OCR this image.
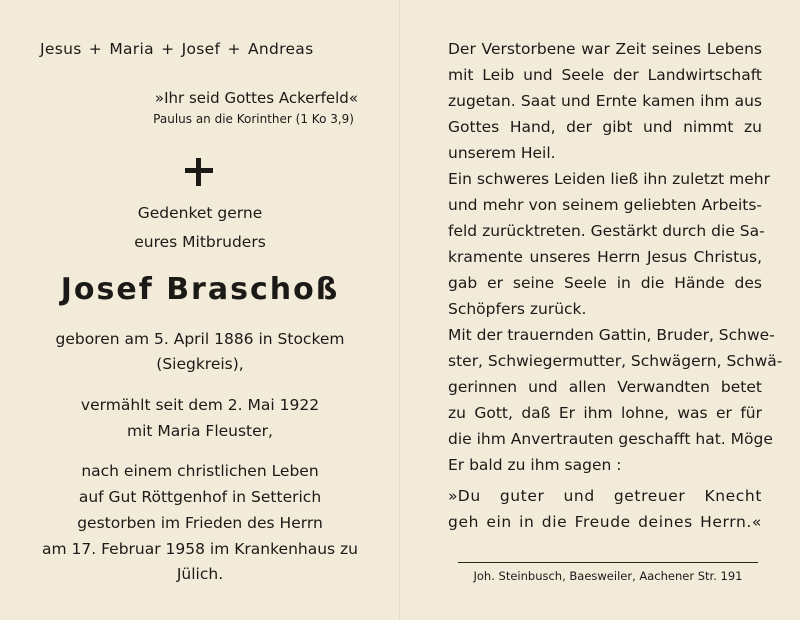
Jesus + Maria + Josef + Andreas
»Ihr seid Gottes Ackerfeld«
Paulus an die Korinther (1 Ko 3,9)
Gedenket gerne
eures Mitbruders
Josef Braschoß
geboren am 5. April 1886 in Stockem
(Siegkreis),
vermählt seit dem 2. Mai 1922
mit Maria Fleuster,
nach einem christlichen Leben
auf Gut Röttgenhof in Setterich
gestorben im Frieden des Herrn
am 17. Februar 1958 im Krankenhaus zu
Jülich.
Der Verstorbene war Zeit seines Lebens
mit Leib und Seele der Landwirtschaft
zugetan. Saat und Ernte kamen ihm aus
Gottes Hand, der gibt und nimmt zu
unserem Heil.
Ein schweres Leiden ließ ihn zuletzt mehr
und mehr von seinem geliebten Arbeits-
feld zurücktreten. Gestärkt durch die Sa-
kramente unseres Herrn Jesus Christus,
gab er seine Seele in die Hände des
Schöpfers zurück.
Mit der trauernden Gattin, Bruder, Schwe-
ster, Schwiegermutter, Schwägern, Schwä-
gerinnen und allen Verwandten betet
zu Gott, daß Er ihm lohne, was er für
die ihm Anvertrauten geschafft hat. Möge
Er bald zu ihm sagen :
»Du guter und getreuer Knecht
geh ein in die Freude deines Herrn.«
Joh. Steinbusch, Baesweiler, Aachener Str. 191
